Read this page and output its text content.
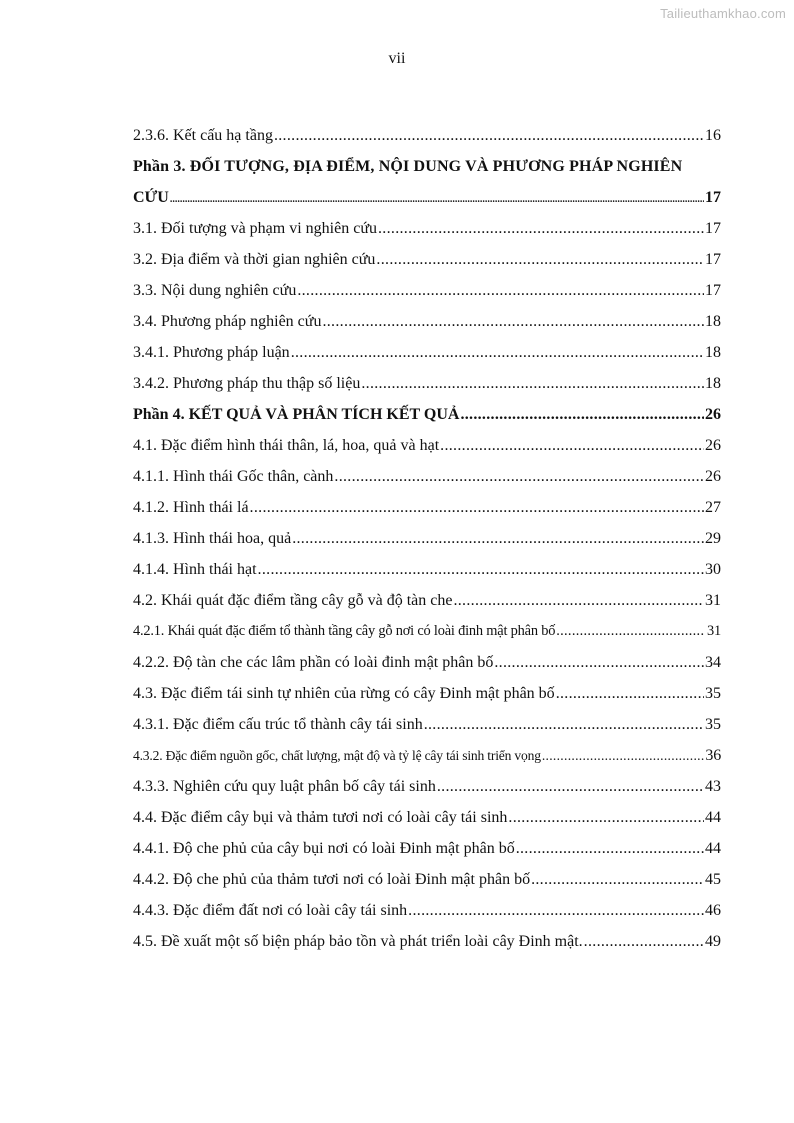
Tailieuthamkhao.com
vii
2.3.6. Kết cấu hạ tầng .....	16
Phần 3. ĐỐI TƯỢNG, ĐỊA ĐIỂM, NỘI DUNG VÀ PHƯƠNG PHÁP NGHIÊN
CỨU .....	17
3.1. Đối tượng và phạm vi nghiên cứu .....	17
3.2. Địa điểm và thời gian nghiên cứu .....	17
3.3. Nội dung nghiên cứu .....	17
3.4. Phương pháp nghiên cứu .....	18
3.4.1. Phương pháp luận .....	18
3.4.2. Phương pháp thu thập số liệu .....	18
Phần 4. KẾT QUẢ VÀ PHÂN TÍCH KẾT QUẢ .....	26
4.1. Đặc điểm hình thái thân, lá, hoa, quả và hạt .....	26
4.1.1. Hình thái Gốc thân, cành .....	26
4.1.2. Hình thái lá .....	27
4.1.3. Hình thái hoa, quả .....	29
4.1.4. Hình thái hạt .....	30
4.2. Khái quát đặc điểm tầng cây gỗ và độ tàn che .....	31
4.2.1. Khái quát đặc điểm tổ thành tầng cây gỗ nơi có loài đinh mật phân bố .....	31
4.2.2. Độ tàn che các lâm phần có loài đinh mật phân bố .....	34
4.3. Đặc điểm tái sinh tự nhiên của rừng có cây Đinh mật phân bố .....	35
4.3.1. Đặc điểm cấu trúc tổ thành cây tái sinh .....	35
4.3.2. Đặc điểm nguồn gốc, chất lượng, mật độ và tỷ lệ cây tái sinh triển vọng .....	36
4.3.3. Nghiên cứu quy luật phân bố cây tái sinh .....	43
4.4. Đặc điểm cây bụi và thảm tươi nơi có loài cây tái sinh .....	44
4.4.1. Độ che phủ của cây bụi nơi có loài Đinh mật phân bố .....	44
4.4.2. Độ che phủ của thảm tươi nơi có loài Đinh mật phân bố .....	45
4.4.3. Đặc điểm đất nơi có loài cây tái sinh .....	46
4.5. Đề xuất một số biện pháp bảo tồn và phát triển loài cây Đinh mật. .....	49
